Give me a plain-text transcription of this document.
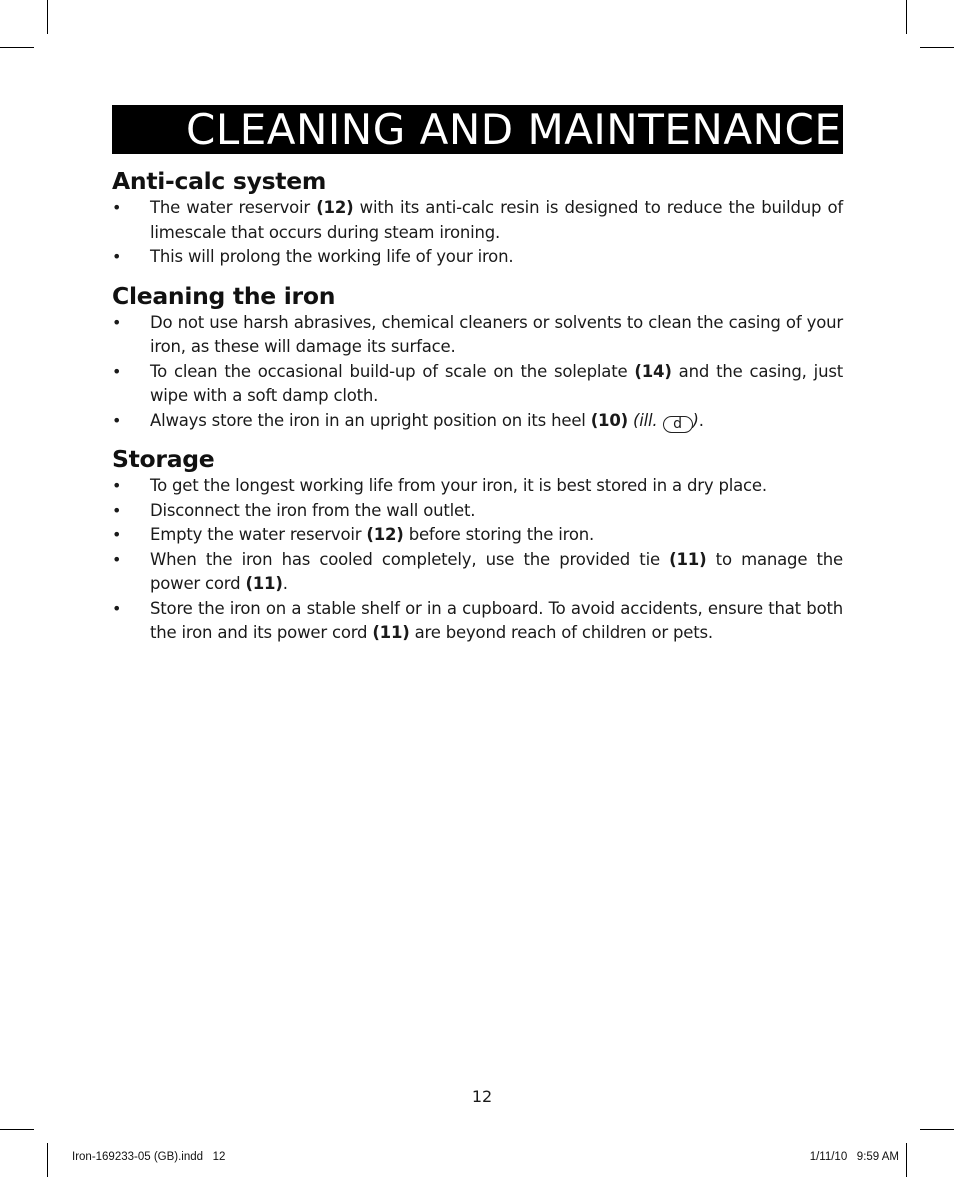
CLEANING AND MAINTENANCE
Anti-calc system
• The water reservoir (12) with its anti-calc resin is designed to reduce the buildup of limescale that occurs during steam ironing.
• This will prolong the working life of your iron.
Cleaning the iron
• Do not use harsh abrasives, chemical cleaners or solvents to clean the casing of your iron, as these will damage its surface.
• To clean the occasional build-up of scale on the soleplate (14) and the casing, just wipe with a soft damp cloth.
• Always store the iron in an upright position on its heel (10) (ill. d ).
Storage
• To get the longest working life from your iron, it is best stored in a dry place.
• Disconnect the iron from the wall outlet.
• Empty the water reservoir (12) before storing the iron.
• When the iron has cooled completely, use the provided tie (11) to manage the power cord (11).
• Store the iron on a stable shelf or in a cupboard. To avoid accidents, ensure that both the iron and its power cord (11) are beyond reach of children or pets.
12
Iron-169233-05 (GB).indd   12	1/11/10   9:59 AM
